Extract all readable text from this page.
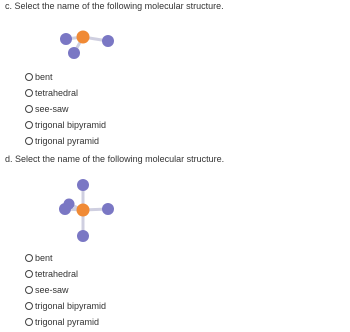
c. Select the name of the following molecular structure.
bent
tetrahedral
see-saw
trigonal bipyramid
trigonal pyramid
d. Select the name of the following molecular structure.
bent
tetrahedral
see-saw
trigonal bipyramid
trigonal pyramid
